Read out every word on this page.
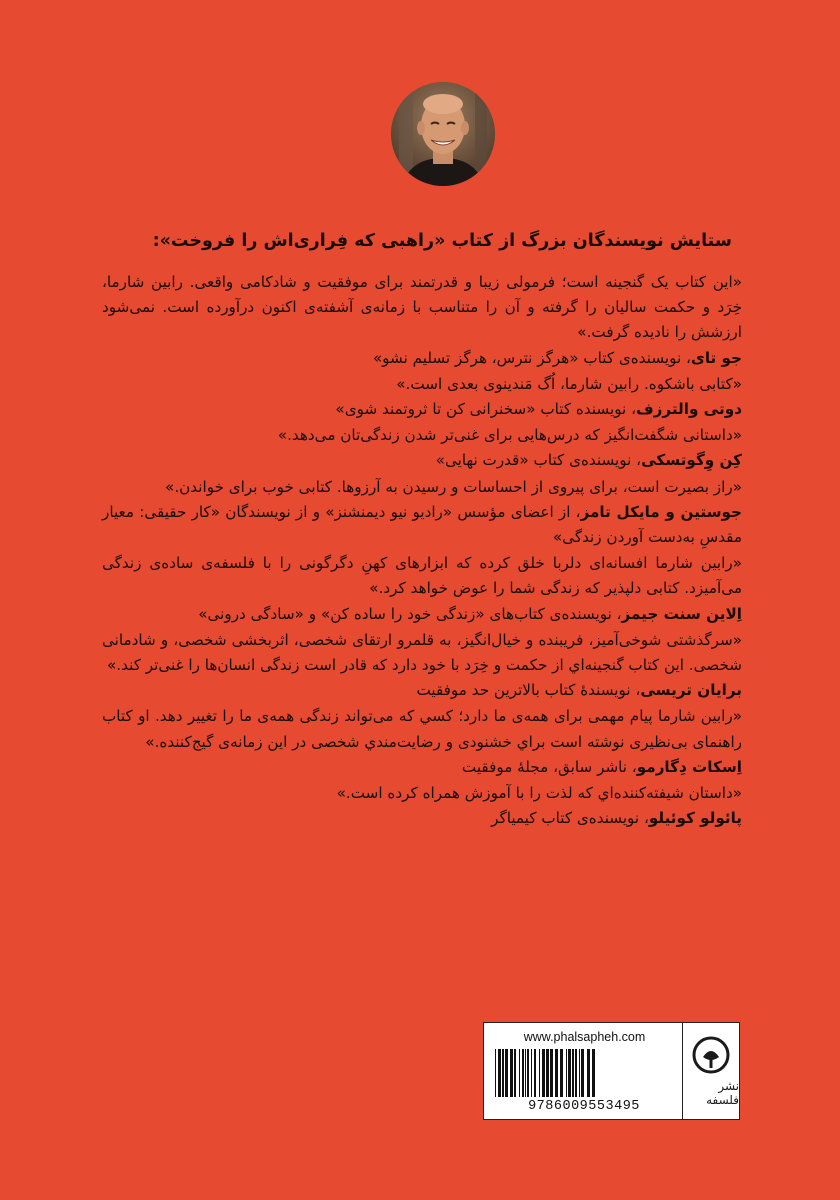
ستایش نویسندگان بزرگ از کتاب «راهبی که فِراری‌اش را فروخت»:

«این کتاب یک گنجینه است؛ فرمولی زیبا و قدرتمند برای موفقیت و شادکامی واقعی. رابین شارما، خِرَد و حکمت سالیان را گرفته و آن را متناسب با زمانه‌ی آشفته‌ی اکنون درآورده است. نمی‌شود ارزشش را نادیده گرفت.»

جو تای، نویسنده‌ی کتاب «هرگز نترس، هرگز تسلیم نشو»

«کتابی باشکوه. رابین شارما، اُگ مَندینوی بعدی است.»

دوتی والترزف، نویسنده کتاب «سخنرانی کن تا ثروتمند شوی»

«داستانی شگفت‌انگیز که درس‌هایی برای غنی‌تر شدن زندگی‌تان می‌دهد.»

کِن وِگوتسکی، نویسنده‌ی کتاب «قدرت نهایی»

«راز بصیرت است، برای پیروی از احساسات و رسیدن به آرزوها. کتابی خوب برای خواندن.»

جوستین و مایکل تامز، از اعضای مؤسس «رادیو نیو دیمنشنز» و از نویسندگان «کار حقیقی: معیار مقدسِ به‌دست آوردن زندگی»

«رابین شارما افسانه‌ای دلربا خلق کرده که ابزارهای کهنِ دگرگونی را با فلسفه‌ی ساده‌ی زندگی می‌آمیزد. کتابی دلپذیر که زندگی شما را عوض خواهد کرد.»

اِلاین سنت جیمز، نویسنده‌ی کتاب‌های «زندگی خود را ساده کن» و «سادگی درونی»

«سرگذشتی شوخی‌آمیز، فریبنده و خیال‌انگیز، به قلمرو ارتقای شخصی، اثربخشی شخصی، و شادمانی شخصی. این کتاب گنجینه‌اي از حکمت و خِرَد با خود دارد که قادر است زندگی انسان‌ها را غنی‌تر کند.»

برایان تریسی، نویسندۀ کتاب بالاترین حد موفقیت

«رابین شارما پیام مهمی برای همه‌ی ما دارد؛ کسي که می‌تواند زندگی همه‌ی ما را تغییر دهد. او کتاب راهنمای بی‌نظیری نوشته است براي خشنودی و رضایت‌مندي شخصی در این زمانه‌ی گیج‌کننده.»

اِسکات دِگارمو، ناشر سابق، مجلۀ موفقیت

«داستان شیفته‌کننده‌اي که لذت را با آموزش همراه کرده است.»

پائولو کوئیلو، نویسنده‌ی کتاب کیمیاگر

www.phalsapheh.com
9786009553495
نشر فلسفه
